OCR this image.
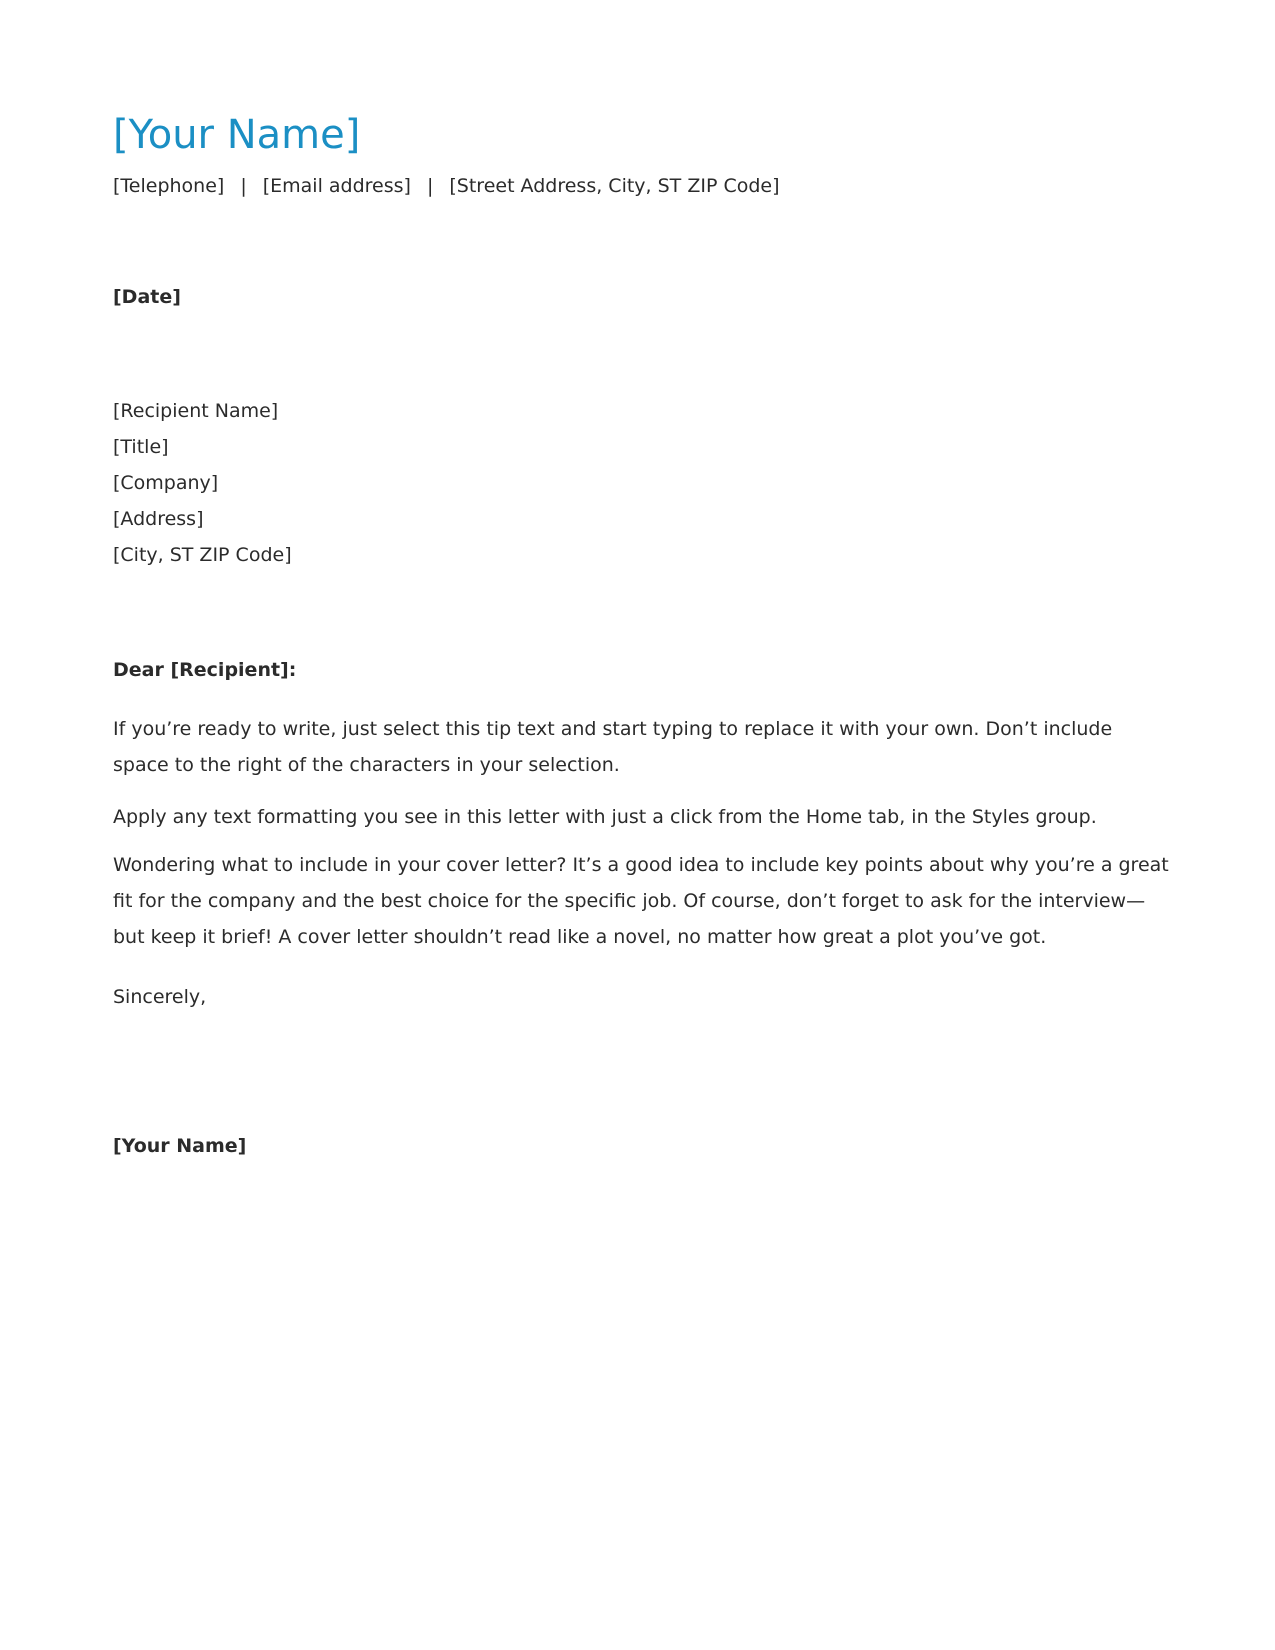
[Your Name]
[Telephone] | [Email address] | [Street Address, City, ST ZIP Code]
[Date]
[Recipient Name]
[Title]
[Company]
[Address]
[City, ST ZIP Code]
Dear [Recipient]:
If you’re ready to write, just select this tip text and start typing to replace it with your own. Don’t include space to the right of the characters in your selection.
Apply any text formatting you see in this letter with just a click from the Home tab, in the Styles group.
Wondering what to include in your cover letter? It’s a good idea to include key points about why you’re a great fit for the company and the best choice for the specific job. Of course, don’t forget to ask for the interview—but keep it brief! A cover letter shouldn’t read like a novel, no matter how great a plot you’ve got.
Sincerely,
[Your Name]
